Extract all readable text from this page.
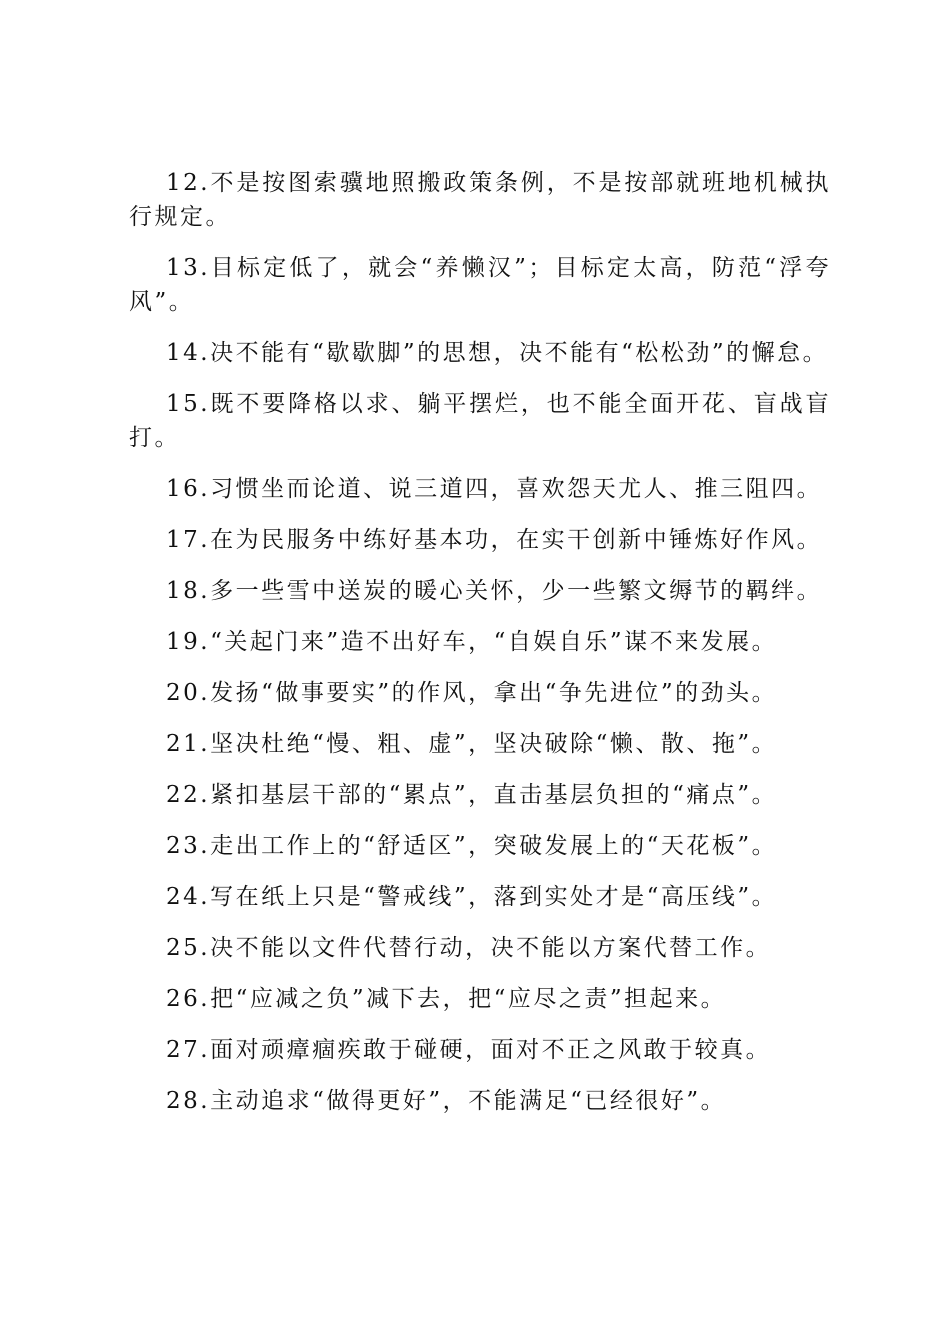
12.不是按图索骥地照搬政策条例，不是按部就班地机械执行规定。

13.目标定低了，就会“养懒汉”；目标定太高，防范“浮夸风”。

14.决不能有“歇歇脚”的思想，决不能有“松松劲”的懈怠。

15.既不要降格以求、躺平摆烂，也不能全面开花、盲战盲打。

16.习惯坐而论道、说三道四，喜欢怨天尤人、推三阻四。

17.在为民服务中练好基本功，在实干创新中锤炼好作风。

18.多一些雪中送炭的暖心关怀，少一些繁文缛节的羁绊。

19.“关起门来”造不出好车，“自娱自乐”谋不来发展。

20.发扬“做事要实”的作风，拿出“争先进位”的劲头。

21.坚决杜绝“慢、粗、虚”，坚决破除“懒、散、拖”。

22.紧扣基层干部的“累点”，直击基层负担的“痛点”。

23.走出工作上的“舒适区”，突破发展上的“天花板”。

24.写在纸上只是“警戒线”，落到实处才是“高压线”。

25.决不能以文件代替行动，决不能以方案代替工作。

26.把“应减之负”减下去，把“应尽之责”担起来。

27.面对顽瘴痼疾敢于碰硬，面对不正之风敢于较真。

28.主动追求“做得更好”，不能满足“已经很好”。
